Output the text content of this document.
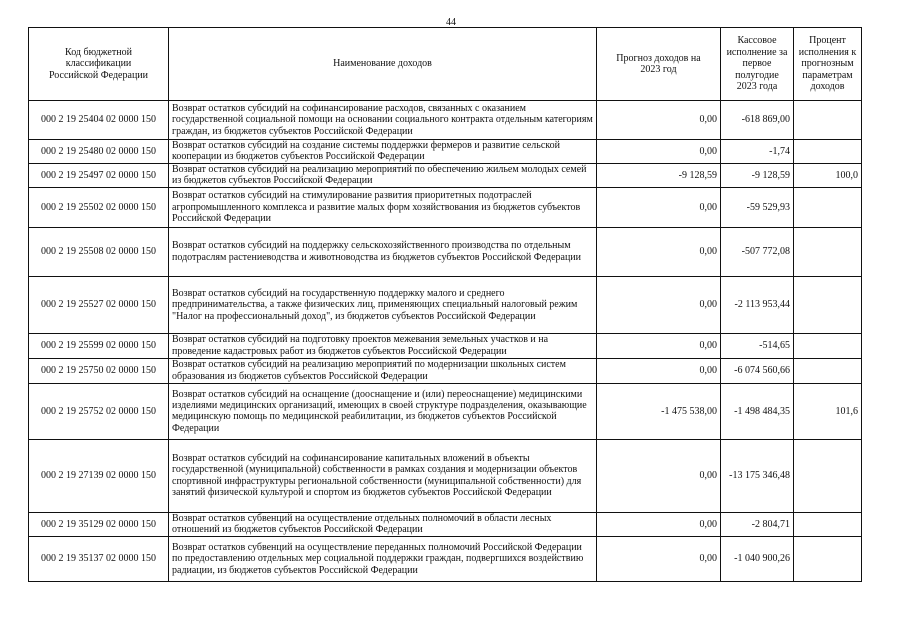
44
Код бюджетной классификации Российской Федерации	Наименование доходов	Прогноз доходов на 2023 год	Кассовое исполнение за первое полугодие 2023 года	Процент исполнения к прогнозным параметрам доходов
000 2 19 25404 02 0000 150	Возврат остатков субсидий на софинансирование расходов, связанных с оказанием государственной социальной помощи на основании социального контракта отдельным категориям граждан, из бюджетов субъектов Российской Федерации	0,00	-618 869,00	
000 2 19 25480 02 0000 150	Возврат остатков субсидий на создание системы поддержки фермеров и развитие сельской кооперации из бюджетов субъектов Российской Федерации	0,00	-1,74	
000 2 19 25497 02 0000 150	Возврат остатков субсидий на реализацию мероприятий по обеспечению жильем молодых семей из бюджетов субъектов Российской Федерации	-9 128,59	-9 128,59	100,0
000 2 19 25502 02 0000 150	Возврат остатков субсидий на стимулирование развития приоритетных подотраслей агропромышленного комплекса и развитие малых форм хозяйствования из бюджетов субъектов Российской Федерации	0,00	-59 529,93	
000 2 19 25508 02 0000 150	Возврат остатков субсидий на поддержку сельскохозяйственного производства по отдельным подотраслям растениеводства и животноводства из бюджетов субъектов Российской Федерации	0,00	-507 772,08	
000 2 19 25527 02 0000 150	Возврат остатков субсидий на государственную поддержку малого и среднего предпринимательства, а также физических лиц, применяющих специальный налоговый режим "Налог на профессиональный доход", из бюджетов субъектов Российской Федерации	0,00	-2 113 953,44	
000 2 19 25599 02 0000 150	Возврат остатков субсидий на подготовку проектов межевания земельных участков и на проведение кадастровых работ из бюджетов субъектов Российской Федерации	0,00	-514,65	
000 2 19 25750 02 0000 150	Возврат остатков субсидий на реализацию мероприятий по модернизации школьных систем образования из бюджетов субъектов Российской Федерации	0,00	-6 074 560,66	
000 2 19 25752 02 0000 150	Возврат остатков субсидий на оснащение (дооснащение и (или) переоснащение) медицинскими изделиями медицинских организаций, имеющих в своей структуре подразделения, оказывающие медицинскую помощь по медицинской реабилитации, из бюджетов субъектов Российской Федерации	-1 475 538,00	-1 498 484,35	101,6
000 2 19 27139 02 0000 150	Возврат остатков субсидий на софинансирование капитальных вложений в объекты государственной (муниципальной) собственности в рамках создания и модернизации объектов спортивной инфраструктуры региональной собственности (муниципальной собственности) для занятий физической культурой и спортом из бюджетов субъектов Российской Федерации	0,00	-13 175 346,48	
000 2 19 35129 02 0000 150	Возврат остатков субвенций на осуществление отдельных полномочий в области лесных отношений из бюджетов субъектов Российской Федерации	0,00	-2 804,71	
000 2 19 35137 02 0000 150	Возврат остатков субвенций на осуществление переданных полномочий Российской Федерации по предоставлению отдельных мер социальной поддержки граждан, подвергшихся воздействию радиации, из бюджетов субъектов Российской Федерации	0,00	-1 040 900,26	
